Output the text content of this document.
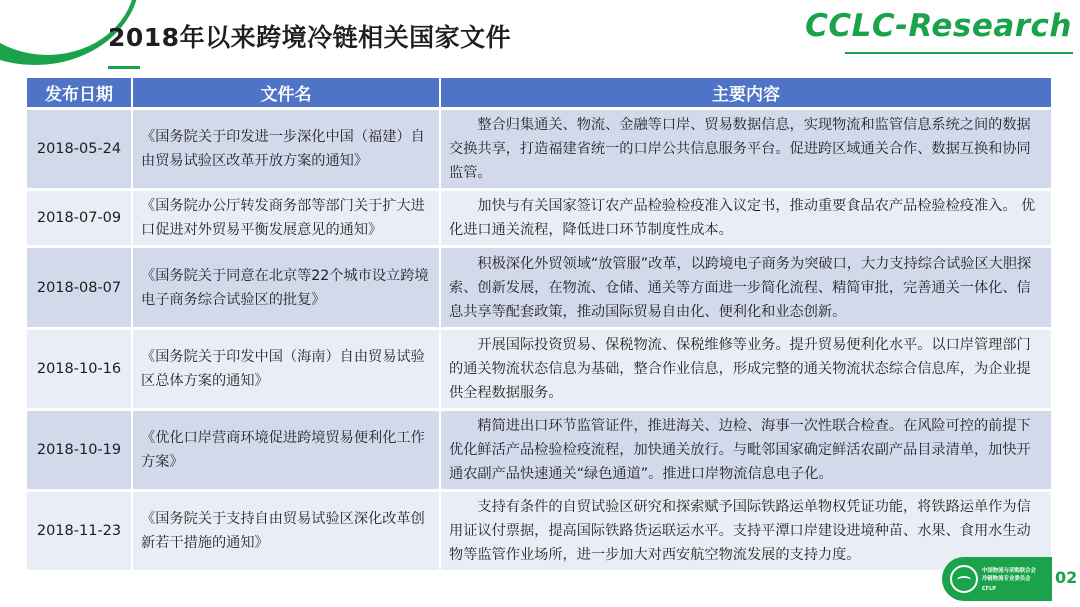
2018年以来跨境冷链相关国家文件	CCLC-Research
发布日期	文件名	主要内容
2018-05-24	《国务院关于印发进一步深化中国（福建）自由贸易试验区改革开放方案的通知》	整合归集通关、物流、金融等口岸、贸易数据信息，实现物流和监管信息系统之间的数据交换共享，打造福建省统一的口岸公共信息服务平台。促进跨区域通关合作、数据互换和协同监管。
2018-07-09	《国务院办公厅转发商务部等部门关于扩大进口促进对外贸易平衡发展意见的通知》	加快与有关国家签订农产品检验检疫准入议定书，推动重要食品农产品检验检疫准入。 优化进口通关流程，降低进口环节制度性成本。
2018-08-07	《国务院关于同意在北京等22个城市设立跨境电子商务综合试验区的批复》	积极深化外贸领域“放管服”改革，以跨境电子商务为突破口，大力支持综合试验区大胆探索、创新发展，在物流、仓储、通关等方面进一步简化流程、精简审批，完善通关一体化、信息共享等配套政策，推动国际贸易自由化、便利化和业态创新。
2018-10-16	《国务院关于印发中国（海南）自由贸易试验区总体方案的通知》	开展国际投资贸易、保税物流、保税维修等业务。提升贸易便利化水平。以口岸管理部门的通关物流状态信息为基础，整合作业信息，形成完整的通关物流状态综合信息库，为企业提供全程数据服务。
2018-10-19	《优化口岸营商环境促进跨境贸易便利化工作方案》	精简进出口环节监管证件，推进海关、边检、海事一次性联合检查。在风险可控的前提下优化鲜活产品检验检疫流程，加快通关放行。与毗邻国家确定鲜活农副产品目录清单，加快开通农副产品快速通关“绿色通道”。推进口岸物流信息电子化。
2018-11-23	《国务院关于支持自由贸易试验区深化改革创新若干措施的通知》	支持有条件的自贸试验区研究和探索赋予国际铁路运单物权凭证功能，将铁路运单作为信用证议付票据，提高国际铁路货运联运水平。支持平潭口岸建设进境种苗、水果、食用水生动物等监管作业场所，进一步加大对西安航空物流发展的支持力度。
中国物流与采购联合会
冷链物流专业委员会
CFLP
02
